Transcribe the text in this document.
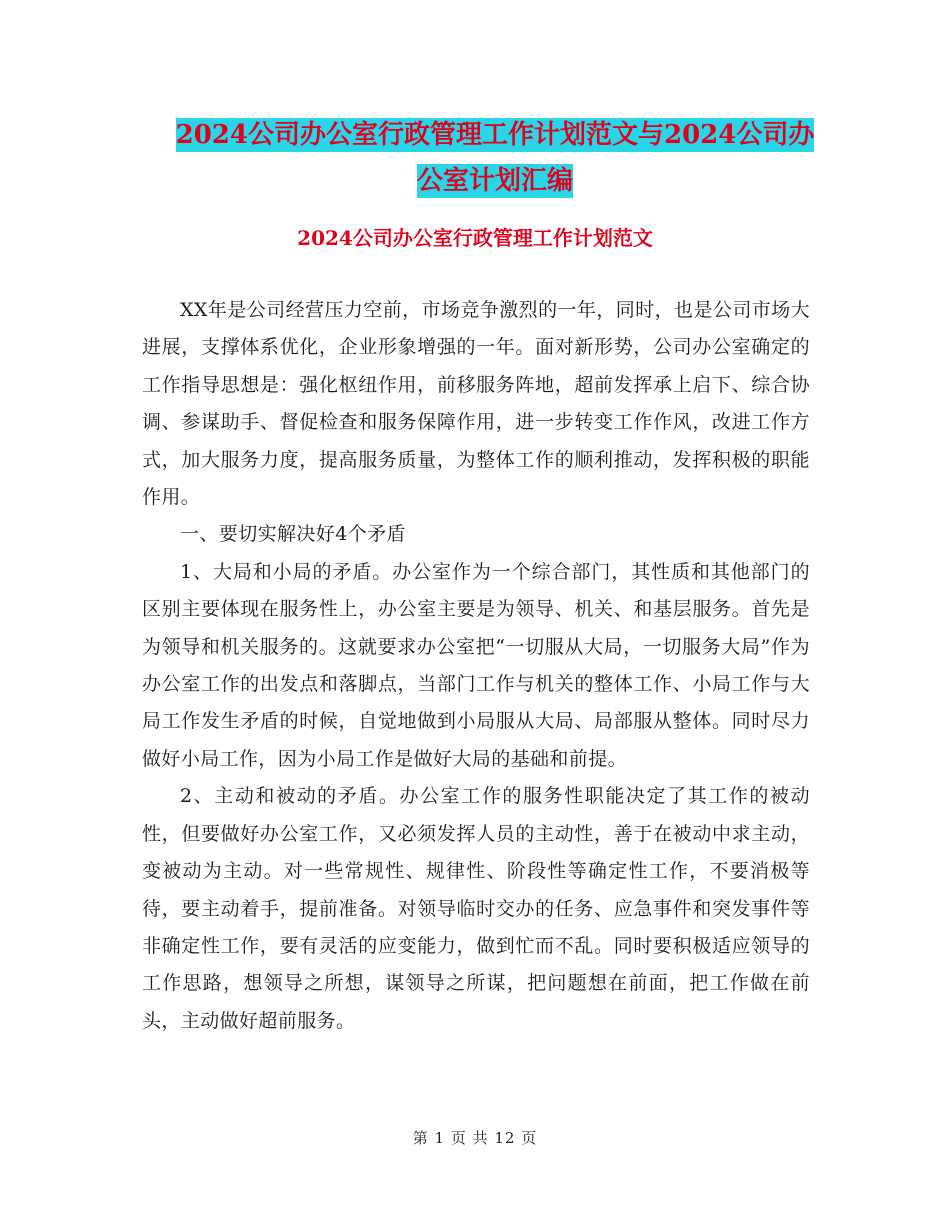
2024公司办公室行政管理工作计划范文与2024公司办
公室计划汇编
2024公司办公室行政管理工作计划范文

XX年是公司经营压力空前，市场竞争激烈的一年，同时，也是公司市场大进展，支撑体系优化，企业形象增强的一年。面对新形势，公司办公室确定的工作指导思想是：强化枢纽作用，前移服务阵地，超前发挥承上启下、综合协调、参谋助手、督促检查和服务保障作用，进一步转变工作作风，改进工作方式，加大服务力度，提高服务质量，为整体工作的顺利推动，发挥积极的职能作用。

一、要切实解决好4个矛盾

1、大局和小局的矛盾。办公室作为一个综合部门，其性质和其他部门的区别主要体现在服务性上，办公室主要是为领导、机关、和基层服务。首先是为领导和机关服务的。这就要求办公室把“一切服从大局，一切服务大局”作为办公室工作的出发点和落脚点，当部门工作与机关的整体工作、小局工作与大局工作发生矛盾的时候，自觉地做到小局服从大局、局部服从整体。同时尽力做好小局工作，因为小局工作是做好大局的基础和前提。

2、主动和被动的矛盾。办公室工作的服务性职能决定了其工作的被动性，但要做好办公室工作，又必须发挥人员的主动性，善于在被动中求主动，变被动为主动。对一些常规性、规律性、阶段性等确定性工作，不要消极等待，要主动着手，提前准备。对领导临时交办的任务、应急事件和突发事件等非确定性工作，要有灵活的应变能力，做到忙而不乱。同时要积极适应领导的工作思路，想领导之所想，谋领导之所谋，把问题想在前面，把工作做在前头，主动做好超前服务。

第 1 页 共 12 页
